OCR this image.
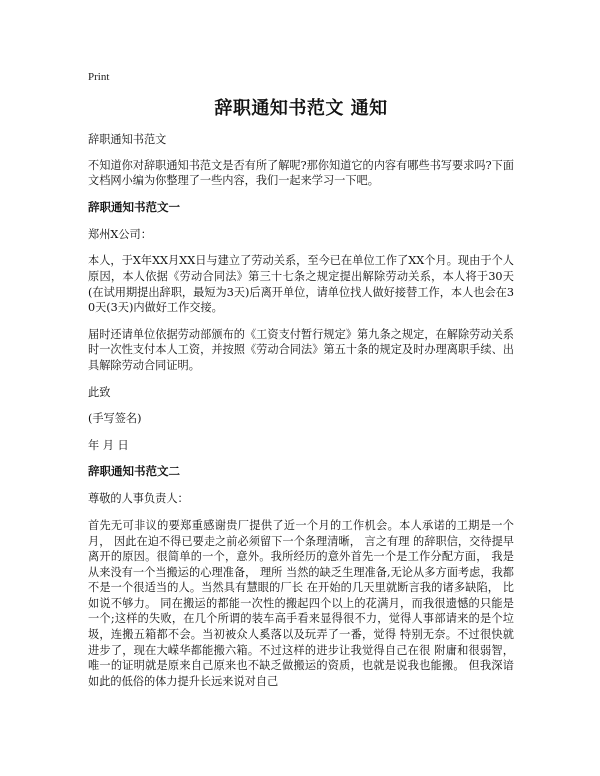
Print
辞职通知书范文 通知
辞职通知书范文
不知道你对辞职通知书范文是否有所了解呢?那你知道它的内容有哪些书写要求吗?下面文档网小编为你整理了一些内容，我们一起来学习一下吧。
辞职通知书范文一
郑州X公司：
本人，于X年XX月XX日与建立了劳动关系，至今已在单位工作了XX个月。现由于个人原因，本人依据《劳动合同法》第三十七条之规定提出解除劳动关系，本人将于30天(在试用期提出辞职，最短为3天)后离开单位，请单位找人做好接替工作，本人也会在30天(3天)内做好工作交接。
届时还请单位依据劳动部颁布的《工资支付暂行规定》第九条之规定，在解除劳动关系时一次性支付本人工资，并按照《劳动合同法》第五十条的规定及时办理离职手续、出具解除劳动合同证明。
此致
(手写签名)
年 月 日
辞职通知书范文二
尊敬的人事负责人：
首先无可非议的要郑重感谢贵厂提供了近一个月的工作机会。本人承诺的工期是一个月， 因此在迫不得已要走之前必须留下一个条理清晰， 言之有理 的辞职信，交待提早离开的原因。很简单的一个，意外。我所经历的意外首先一个是工作分配方面， 我是从来没有一个当搬运的心理准备， 理所 当然的缺乏生理准备,无论从多方面考虑，我都不是一个很适当的人。当然具有慧眼的厂长 在开始的几天里就断言我的诸多缺陷， 比如说不够力。 同在搬运的都能一次性的搬起四个以上的花满月，而我很遗憾的只能是一个;这样的失败，在几个所谓的装车高手看来显得很不力，觉得人事部请来的是个垃圾，连搬五箱都不会。当初被众人奚落以及玩弄了一番，觉得 特别无奈。不过很快就进步了，现在大嵘华都能搬六箱。不过这样的进步让我觉得自己在很 附庸和很弱智，唯一的证明就是原来自己原来也不缺乏做搬运的资质，也就是说我也能搬。 但我深谙如此的低俗的体力提升长远来说对自己
